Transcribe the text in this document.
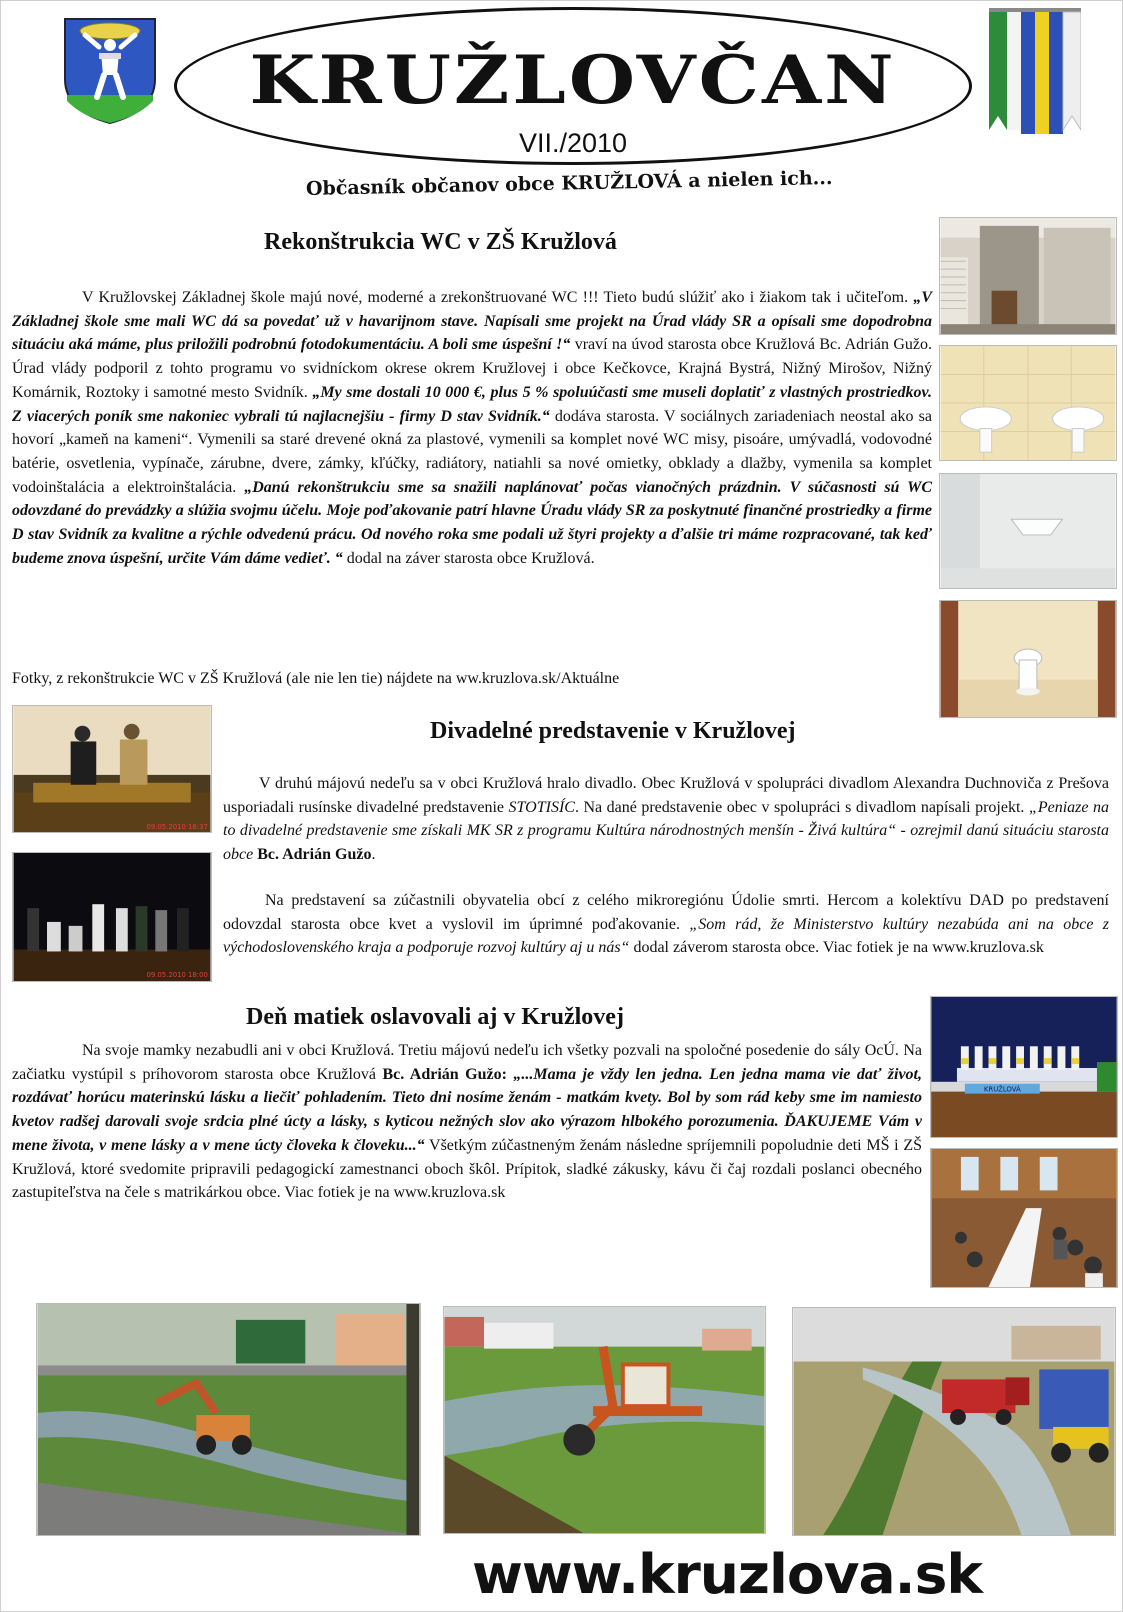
KRUŽLOVČAN
VII./2010
Občasník občanov obce KRUŽLOVÁ a nielen ich...
Rekonštrukcia WC v ZŠ Kružlová
V Kružlovskej Základnej škole majú nové, moderné a zrekonštruované WC !!! Tieto budú slúžiť ako i žiakom tak i učiteľom. „V Základnej škole sme mali WC dá sa povedať už v havarijnom stave. Napísali sme projekt na Úrad vlády SR a opísali sme dopodrobna situáciu aká máme, plus priložili podrobnú fotodokumentáciu. A boli sme úspešní !“ vraví na úvod starosta obce Kružlová Bc. Adrián Gužo. Úrad vlády podporil z tohto programu vo svidníckom okrese okrem Kružlovej i obce Kečkovce, Krajná Bystrá, Nižný Mirošov, Nižný Komárnik, Roztoky i samotné mesto Svidník. „My sme dostali 10 000 €, plus 5 % spoluúčasti sme museli doplatiť z vlastných prostriedkov. Z viacerých poník sme nakoniec vybrali tú najlacnejšiu - firmy D stav Svidník.“ dodáva starosta. V sociálnych zariadeniach neostal ako sa hovorí „kameň na kameni“. Vymenili sa staré drevené okná za plastové, vymenili sa komplet nové WC misy, pisoáre, umývadlá, vodovodné batérie, osvetlenia, vypínače, zárubne, dvere, zámky, kľúčky, radiátory, natiahli sa nové omietky, obklady a dlažby, vymenila sa komplet vodoinštalácia a elektroinštalácia. „Danú rekonštrukciu sme sa snažili naplánovať počas vianočných prázdnin. V súčasnosti sú WC odovzdané do prevádzky a slúžia svojmu účelu. Moje poďakovanie patrí hlavne Úradu vlády SR za poskytnuté finančné prostriedky a firme D stav Svidník za kvalitne a rýchle odvedenú prácu. Od nového roka sme podali už štyri projekty a ďalšie tri máme rozpracované, tak keď budeme znova úspešní, určite Vám dáme vedieť. “ dodal na záver starosta obce Kružlová.
Fotky, z rekonštrukcie WC v ZŠ Kružlová (ale nie len tie) nájdete na ww.kruzlova.sk/Aktuálne
09.05.2010 16:37
09.05.2010 18:00
Divadelné predstavenie v Kružlovej
V druhú májovú nedeľu sa v obci Kružlová hralo divadlo. Obec Kružlová v spolupráci divadlom Alexandra Duchnoviča z Prešova usporiadali rusínske divadelné predstavenie STOTISÍC. Na dané predstavenie obec v spolupráci s divadlom napísali projekt. „Peniaze na to divadelné predstavenie sme získali MK SR z programu Kultúra národnostných menšín - Živá kultúra“ - ozrejmil danú situáciu starosta obce Bc. Adrián Gužo.
Na predstavení sa zúčastnili obyvatelia obcí z celého mikroregiónu Údolie smrti. Hercom a kolektívu DAD po predstavení odovzdal starosta obce kvet a vyslovil im úprimné poďakovanie. „Som rád, že Ministerstvo kultúry nezabúda ani na obce z východoslovenského kraja a podporuje rozvoj kultúry aj u nás“ dodal záverom starosta obce. Viac fotiek je na www.kruzlova.sk
Deň matiek oslavovali aj v Kružlovej
KRUŽLOVÁ
Na svoje mamky nezabudli ani v obci Kružlová. Tretiu májovú nedeľu ich všetky pozvali na spoločné posedenie do sály OcÚ. Na začiatku vystúpil s príhovorom starosta obce Kružlová Bc. Adrián Gužo: „...Mama je vždy len jedna. Len jedna mama vie dať život, rozdávať horúcu materinskú lásku a liečiť pohladením. Tieto dni nosíme ženám - matkám kvety. Bol by som rád keby sme im namiesto kvetov radšej darovali svoje srdcia plné úcty a lásky, s kyticou nežných slov ako výrazom hlbokého porozumenia. ĎAKUJEME Vám v mene života, v mene lásky a v mene úcty človeka k človeku...“ Všetkým zúčastneným ženám následne spríjemnili popoludnie deti MŠ i ZŠ Kružlová, ktoré svedomite pripravili pedagogickí zamestnanci oboch škôl. Prípitok, sladké zákusky, kávu či čaj rozdali poslanci obecného zastupiteľstva na čele s matrikárkou obce. Viac fotiek je na www.kruzlova.sk
www.kruzlova.sk
